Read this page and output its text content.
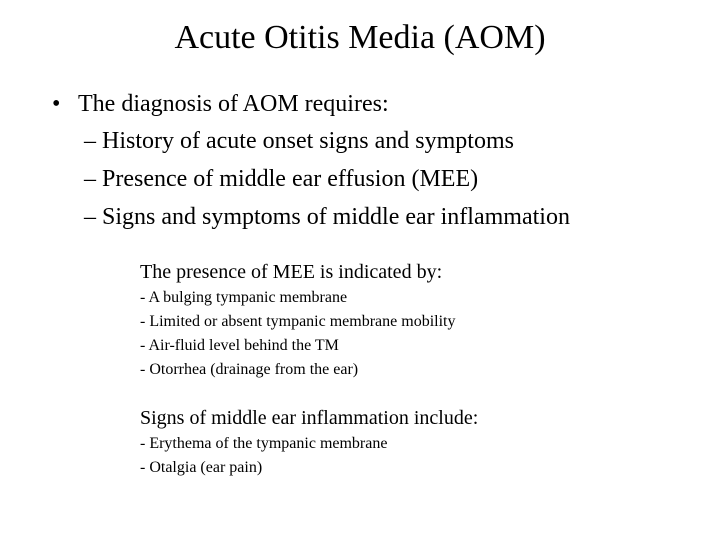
Acute Otitis Media (AOM)
• The diagnosis of AOM requires:
– History of acute onset signs and symptoms
– Presence of middle ear effusion (MEE)
– Signs and symptoms of middle ear inflammation
The presence of MEE is indicated by:
- A bulging tympanic membrane
- Limited or absent tympanic membrane mobility
- Air-fluid level behind the TM
- Otorrhea (drainage from the ear)
Signs of middle ear inflammation include:
- Erythema of the tympanic membrane
- Otalgia (ear pain)
